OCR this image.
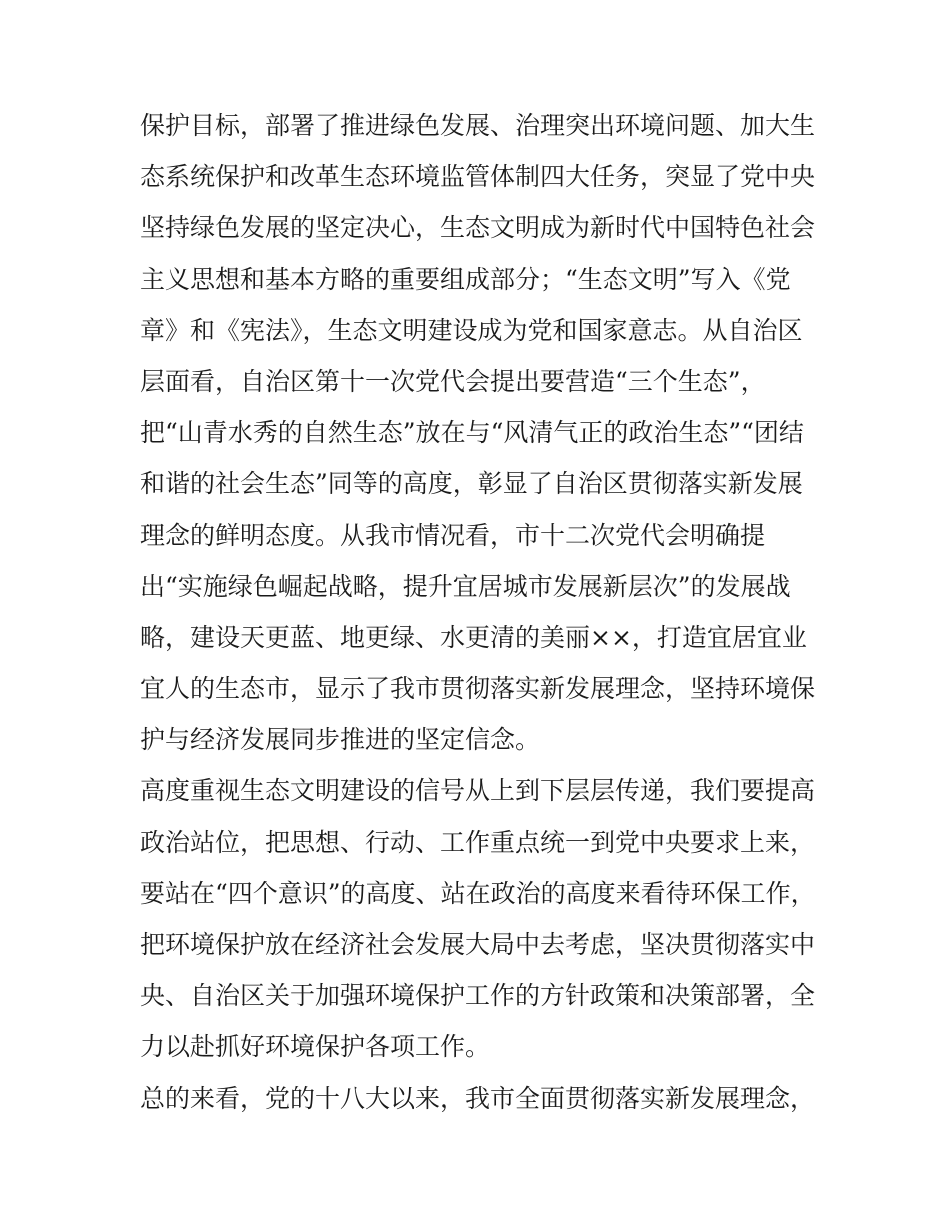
保护目标，部署了推进绿色发展、治理突出环境问题、加大生
态系统保护和改革生态环境监管体制四大任务，突显了党中央
坚持绿色发展的坚定决心，生态文明成为新时代中国特色社会
主义思想和基本方略的重要组成部分；“生态文明”写入《党
章》和《宪法》，生态文明建设成为党和国家意志。从自治区
层面看，自治区第十一次党代会提出要营造“三个生态”，
把“山青水秀的自然生态”放在与“风清气正的政治生态”“团结
和谐的社会生态”同等的高度，彰显了自治区贯彻落实新发展
理念的鲜明态度。从我市情况看，市十二次党代会明确提
出“实施绿色崛起战略，提升宜居城市发展新层次”的发展战
略，建设天更蓝、地更绿、水更清的美丽××，打造宜居宜业
宜人的生态市，显示了我市贯彻落实新发展理念，坚持环境保
护与经济发展同步推进的坚定信念。
高度重视生态文明建设的信号从上到下层层传递，我们要提高
政治站位，把思想、行动、工作重点统一到党中央要求上来，
要站在“四个意识”的高度、站在政治的高度来看待环保工作，
把环境保护放在经济社会发展大局中去考虑，坚决贯彻落实中
央、自治区关于加强环境保护工作的方针政策和决策部署，全
力以赴抓好环境保护各项工作。
总的来看，党的十八大以来，我市全面贯彻落实新发展理念，
